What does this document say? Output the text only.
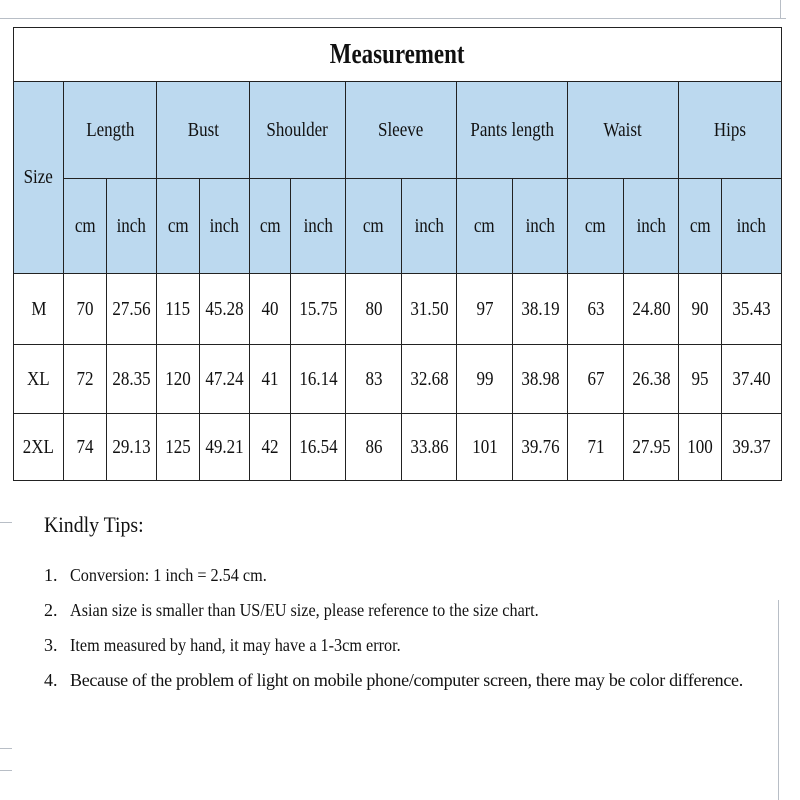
Measurement														
Size	Length		Bust		Shoulder		Sleeve		Pants length		Waist		Hips	
	cm	inch	cm	inch	cm	inch	cm	inch	cm	inch	cm	inch	cm	inch
M	70	27.56	115	45.28	40	15.75	80	31.50	97	38.19	63	24.80	90	35.43
XL	72	28.35	120	47.24	41	16.14	83	32.68	99	38.98	67	26.38	95	37.40
2XL	74	29.13	125	49.21	42	16.54	86	33.86	101	39.76	71	27.95	100	39.37
Kindly Tips:
1. Conversion: 1 inch = 2.54 cm.
2. Asian size is smaller than US/EU size, please reference to the size chart.
3. Item measured by hand, it may have a 1-3cm error.
4. Because of the problem of light on mobile phone/computer screen, there may be color difference.
